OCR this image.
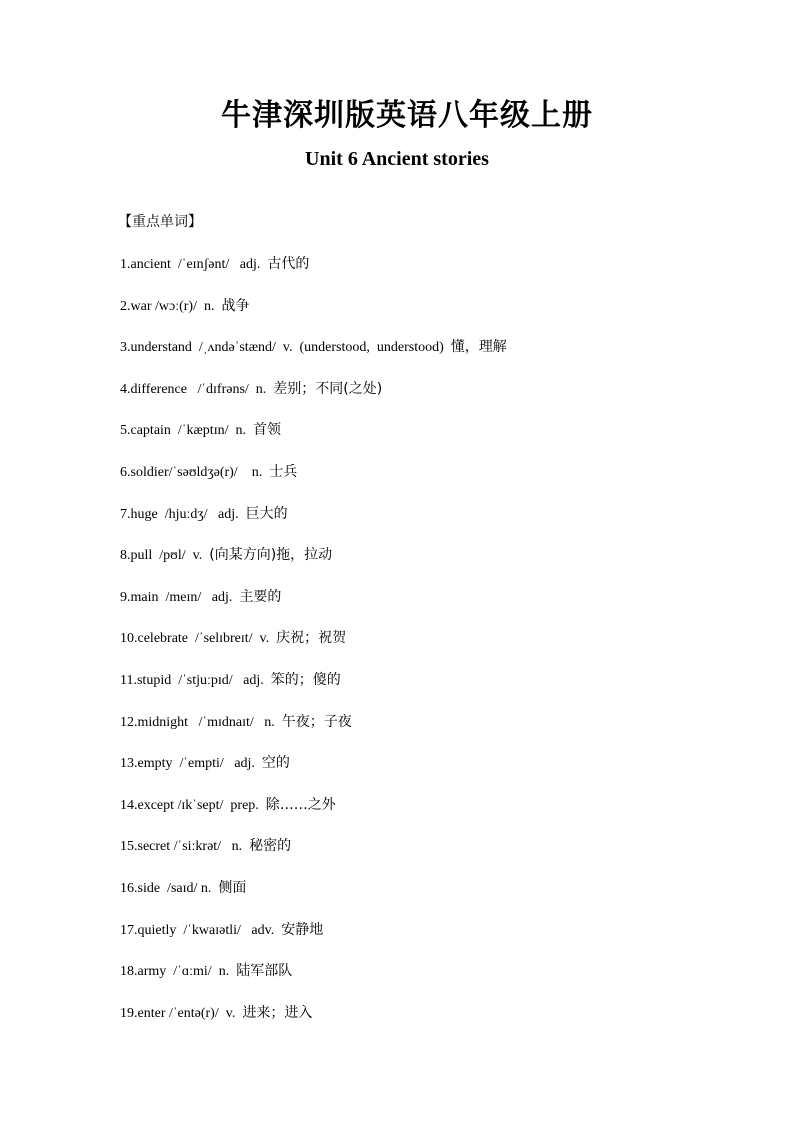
牛津深圳版英语八年级上册
Unit 6 Ancient stories
【重点单词】
1.ancient  /ˈeɪnʃənt/   adj.  古代的
2.war /wɔː(r)/  n.  战争
3.understand  /ˌʌndəˈstænd/  v.  (understood,  understood)  懂，理解
4.difference   /ˈdɪfrəns/  n.  差别；不同(之处)
5.captain  /ˈkæptɪn/  n.  首领
6.soldier/ˈsəʊldʒə(r)/    n.  士兵
7.huge  /hjuːdʒ/   adj.  巨大的
8.pull  /pʊl/  v.  (向某方向)拖，拉动
9.main  /meɪn/   adj.  主要的
10.celebrate  /ˈselɪbreɪt/  v.  庆祝；祝贺
11.stupid  /ˈstjuːpɪd/   adj.  笨的；傻的
12.midnight   /ˈmɪdnaɪt/   n.  午夜；子夜
13.empty  /ˈempti/   adj.  空的
14.except /ɪkˈsept/  prep.  除……之外
15.secret /ˈsiːkrət/   n.  秘密的
16.side  /saɪd/ n.  侧面
17.quietly  /ˈkwaɪətli/   adv.  安静地
18.army  /ˈɑːmi/  n.  陆军部队
19.enter /ˈentə(r)/  v.  进来；进入
